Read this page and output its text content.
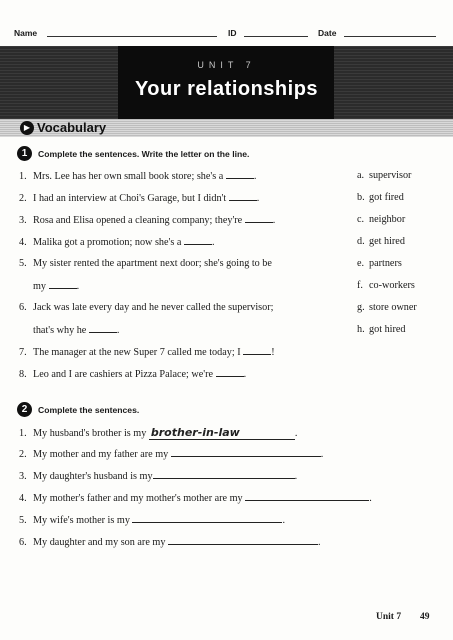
Name	ID	Date
UNIT 7
Your relationships
▶ Vocabulary
1	Complete the sentences. Write the letter on the line.
1. Mrs. Lee has her own small book store; she's a	.
2. I had an interview at Choi's Garage, but I didn't	.
3. Rosa and Elisa opened a cleaning company; they're	.
4. Malika got a promotion; now she's a	.
5. My sister rented the apartment next door; she's going to be
my	.
6. Jack was late every day and he never called the supervisor;
that's why he	.
7. The manager at the new Super 7 called me today; I	!
8. Leo and I are cashiers at Pizza Palace; we're	.
a. supervisor
b. got fired
c. neighbor
d. get hired
e. partners
f. co-workers
g. store owner
h. got hired
2	Complete the sentences.
1. My husband's brother is my brother-in-law	.
2. My mother and my father are my	.
3. My daughter's husband is my	.
4. My mother's father and my mother's mother are my	.
5. My wife's mother is my	.
6. My daughter and my son are my	.
Unit 7 49
